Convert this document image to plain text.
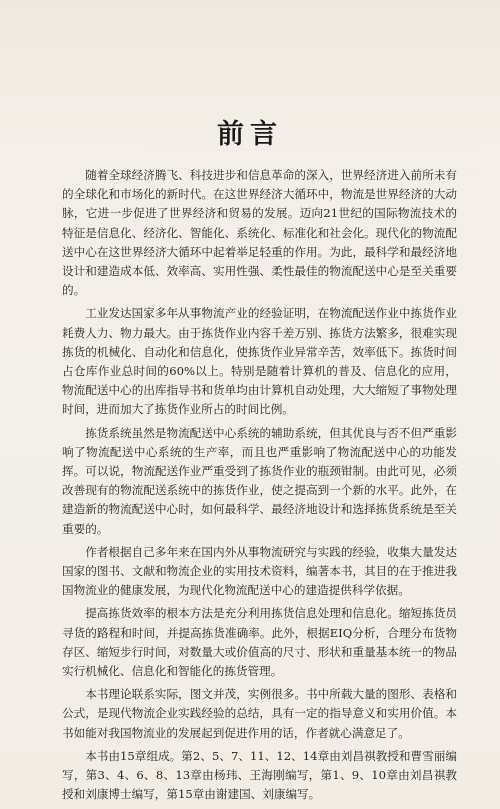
前言

随着全球经济腾飞、科技进步和信息革命的深入，世界经济进入前所未有的全球化和市场化的新时代。在这世界经济大循环中，物流是世界经济的大动脉，它进一步促进了世界经济和贸易的发展。迈向21世纪的国际物流技术的特征是信息化、经济化、智能化、系统化、标准化和社会化。现代化的物流配送中心在这世界经济大循环中起着举足轻重的作用。为此，最科学和最经济地设计和建造成本低、效率高、实用性强、柔性最佳的物流配送中心是至关重要的。

工业发达国家多年从事物流产业的经验证明，在物流配送作业中拣货作业耗费人力、物力最大。由于拣货作业内容千差万别、拣货方法繁多，很难实现拣货的机械化、自动化和信息化，使拣货作业异常辛苦，效率低下。拣货时间占仓库作业总时间的60%以上。特别是随着计算机的普及、信息化的应用，物流配送中心的出库指导书和货单均由计算机自动处理，大大缩短了事物处理时间，进而加大了拣货作业所占的时间比例。

拣货系统虽然是物流配送中心系统的辅助系统，但其优良与否不但严重影响了物流配送中心系统的生产率，而且也严重影响了物流配送中心的功能发挥。可以说，物流配送作业严重受到了拣货作业的瓶颈钳制。由此可见，必须改善现有的物流配送系统中的拣货作业，使之提高到一个新的水平。此外，在建造新的物流配送中心时，如何最科学、最经济地设计和选择拣货系统是至关重要的。

作者根据自己多年来在国内外从事物流研究与实践的经验，收集大量发达国家的图书、文献和物流企业的实用技术资料，编著本书，其目的在于推进我国物流业的健康发展，为现代化物流配送中心的建造提供科学依据。

提高拣货效率的根本方法是充分利用拣货信息处理和信息化。缩短拣货员寻货的路程和时间，并提高拣货准确率。此外，根据EIQ分析，合理分布货物存区、缩短步行时间，对数量大或价值高的尺寸、形状和重量基本统一的物品实行机械化、信息化和智能化的拣货管理。

本书理论联系实际，图文并茂，实例很多。书中所载大量的图形、表格和公式，是现代物流企业实践经验的总结，具有一定的指导意义和实用价值。本书如能对我国物流业的发展起到促进作用的话，作者就心满意足了。

本书由15章组成。第2、5、7、11、12、14章由刘昌祺教授和曹雪丽编写，第3、4、6、8、13章由杨玮、王海刚编写，第1、9、10章由刘昌祺教授和刘康博士编写，第15章由谢建国、刘康编写。
